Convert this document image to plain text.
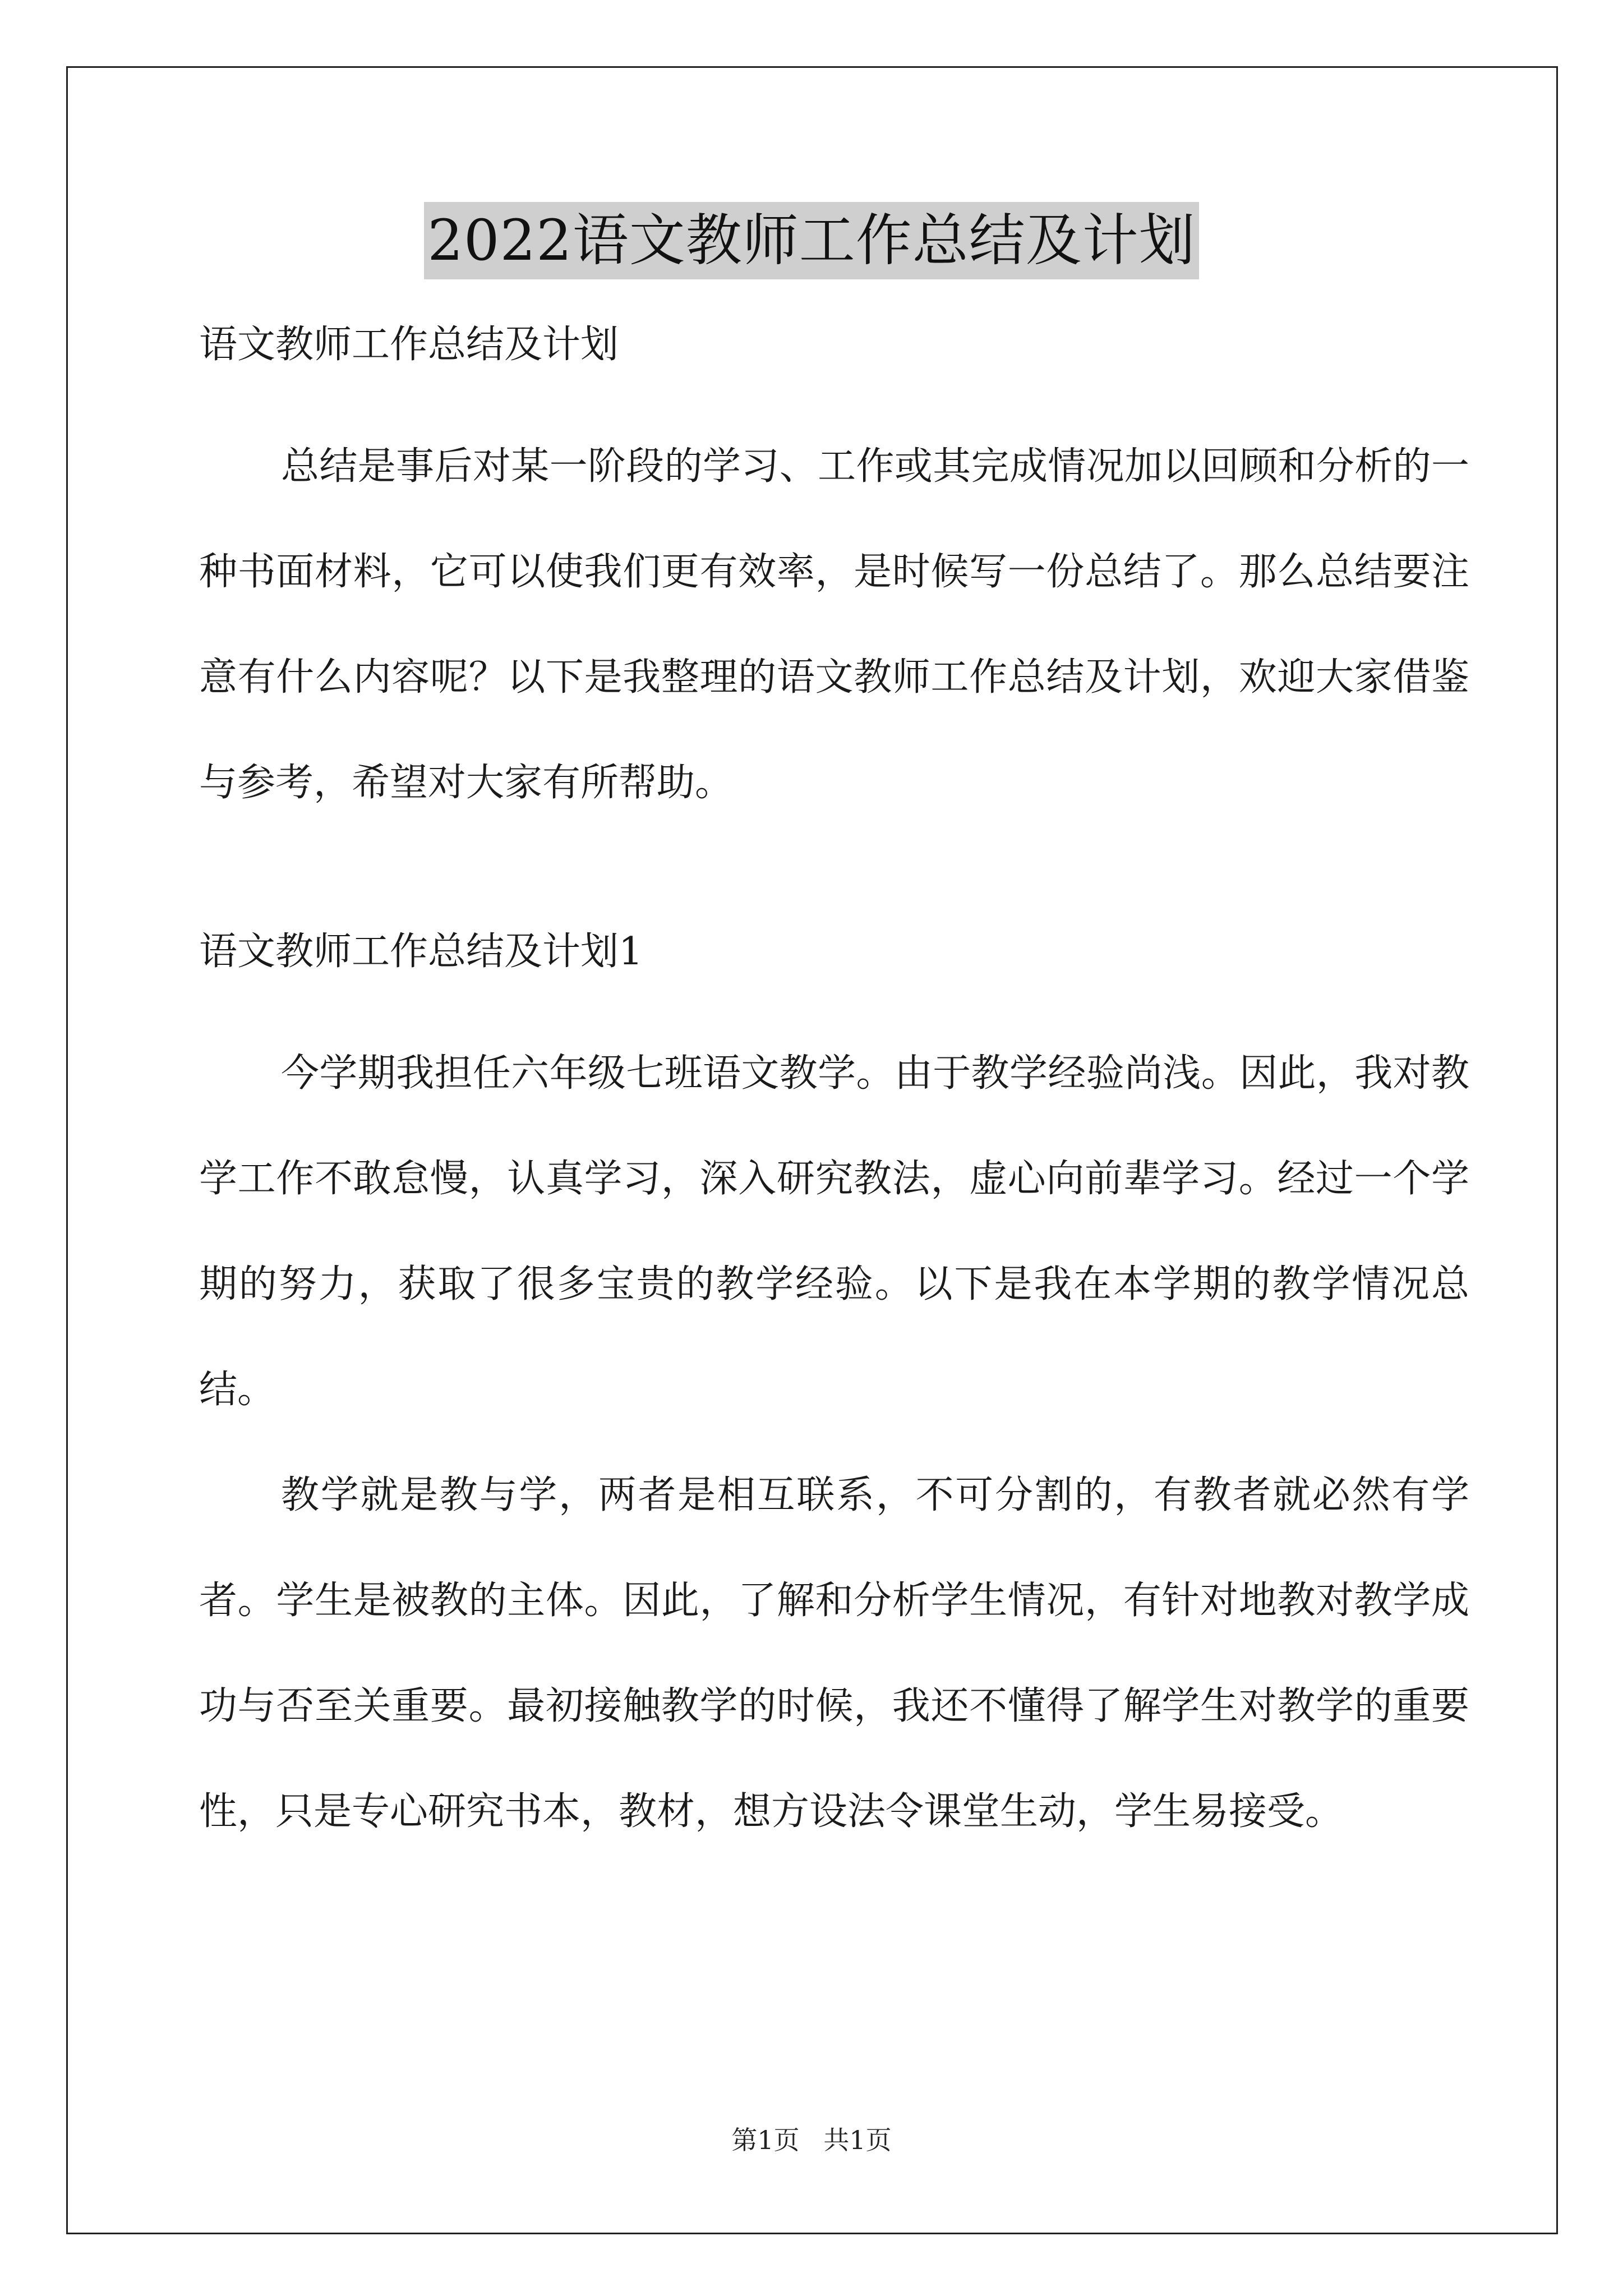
2022语文教师工作总结及计划

语文教师工作总结及计划

总结是事后对某一阶段的学习、工作或其完成情况加以回顾和分析的一种书面材料，它可以使我们更有效率，是时候写一份总结了。那么总结要注意有什么内容呢？以下是我整理的语文教师工作总结及计划，欢迎大家借鉴与参考，希望对大家有所帮助。

语文教师工作总结及计划1

今学期我担任六年级七班语文教学。由于教学经验尚浅。因此，我对教学工作不敢怠慢，认真学习，深入研究教法，虚心向前辈学习。经过一个学期的努力，获取了很多宝贵的教学经验。以下是我在本学期的教学情况总结。

教学就是教与学，两者是相互联系，不可分割的，有教者就必然有学者。学生是被教的主体。因此，了解和分析学生情况，有针对地教对教学成功与否至关重要。最初接触教学的时候，我还不懂得了解学生对教学的重要性，只是专心研究书本，教材，想方设法令课堂生动，学生易接受。

第1页 共1页
